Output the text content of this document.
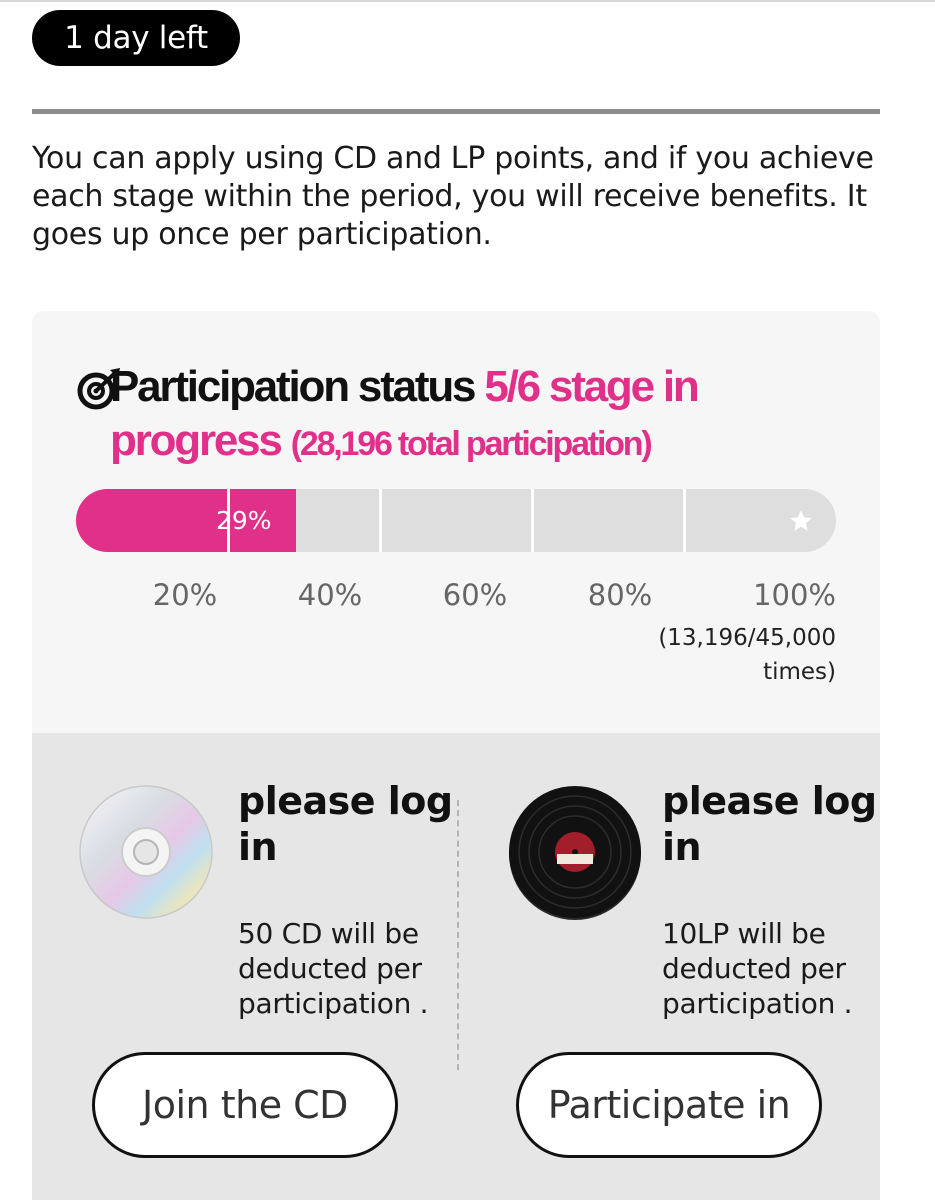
1 day left

You can apply using CD and LP points, and if you achieve each stage within the period, you will receive benefits. It goes up once per participation.

Participation status 5/6 stage in progress (28,196 total participation)

29%
20%	40%	60%	80%	100%

(13,196/45,000 times)

please log in

50 CD will be deducted per participation .

Join the CD

please log in

10LP will be deducted per participation .

Participate in
